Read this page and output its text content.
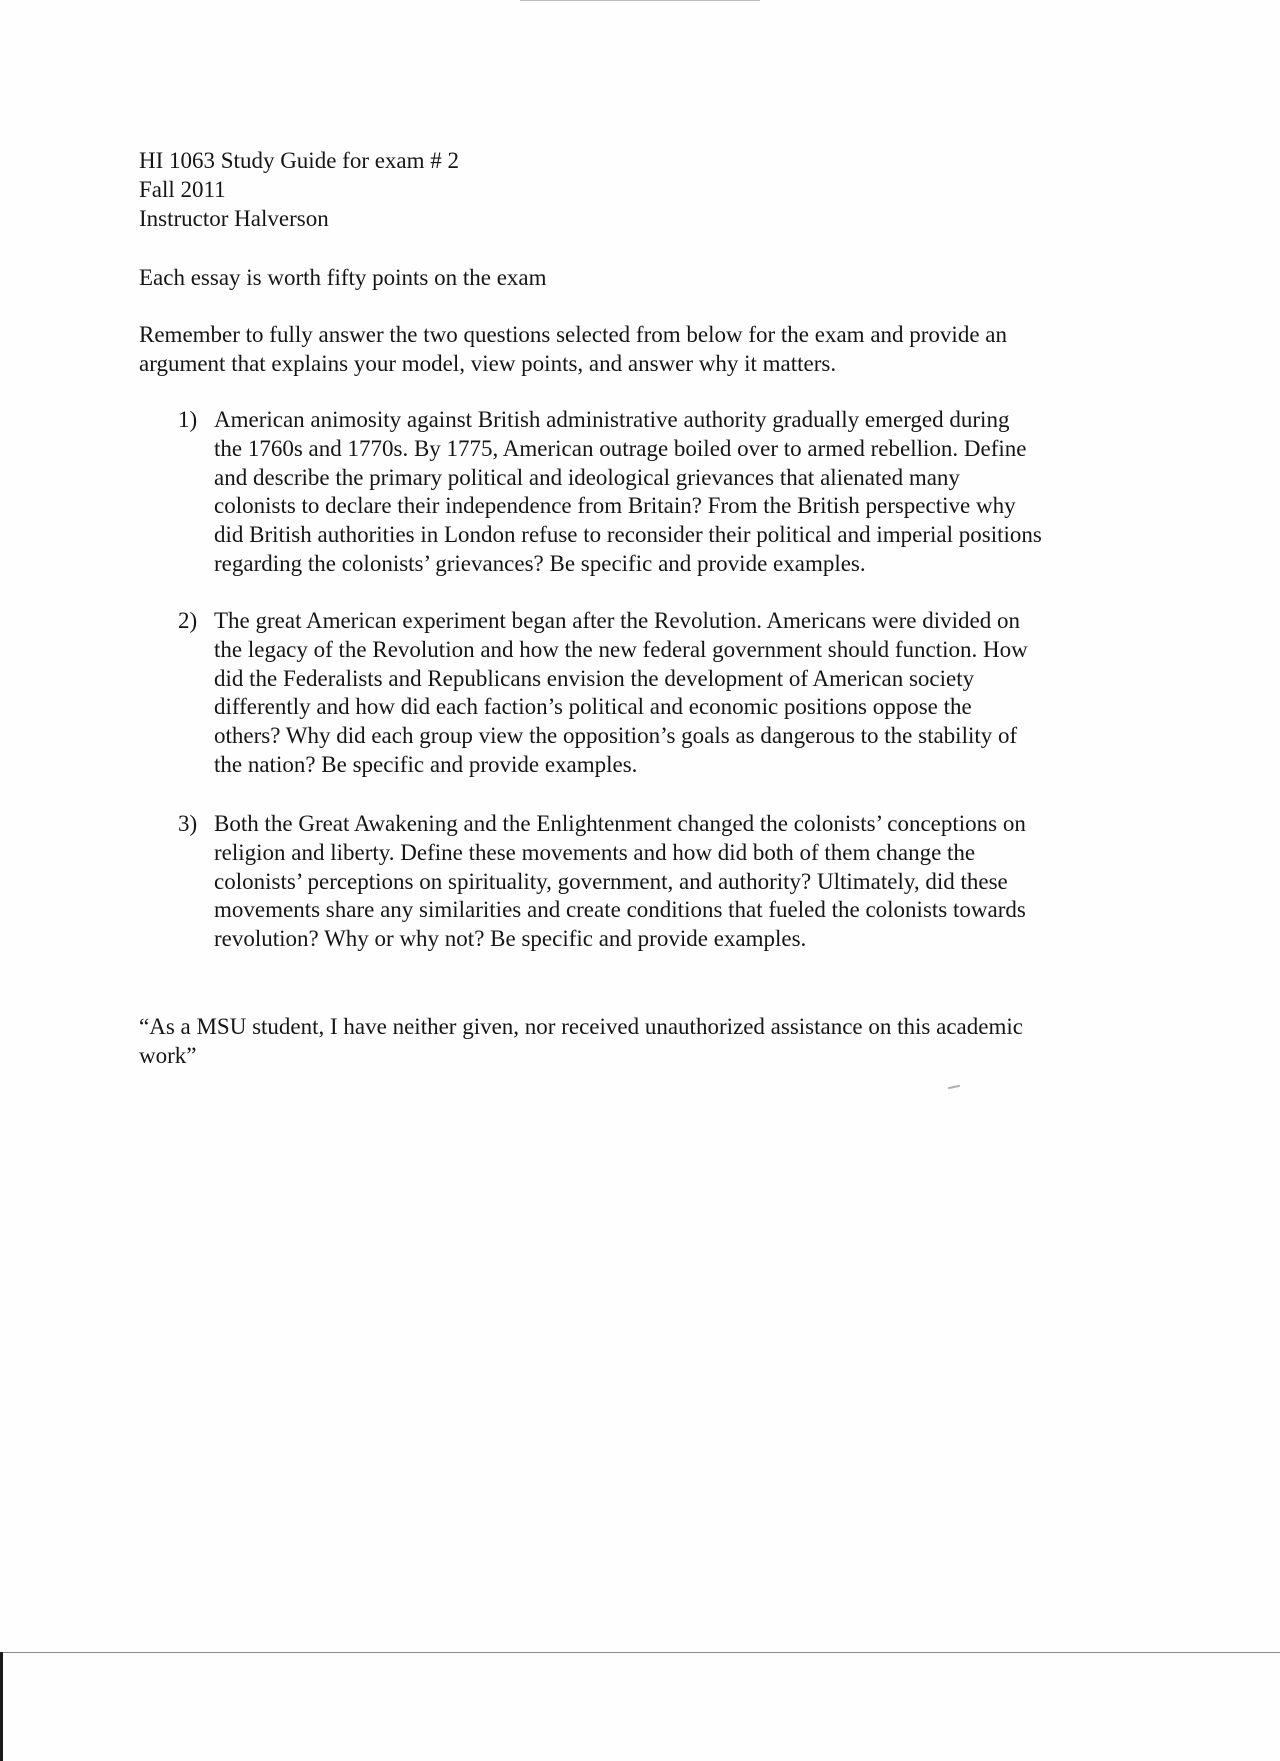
HI 1063 Study Guide for exam # 2
Fall 2011
Instructor Halverson
Each essay is worth fifty points on the exam
Remember to fully answer the two questions selected from below for the exam and provide an
argument that explains your model, view points, and answer why it matters.
1) American animosity against British administrative authority gradually emerged during
the 1760s and 1770s. By 1775, American outrage boiled over to armed rebellion. Define
and describe the primary political and ideological grievances that alienated many
colonists to declare their independence from Britain? From the British perspective why
did British authorities in London refuse to reconsider their political and imperial positions
regarding the colonists’ grievances? Be specific and provide examples.
2) The great American experiment began after the Revolution. Americans were divided on
the legacy of the Revolution and how the new federal government should function. How
did the Federalists and Republicans envision the development of American society
differently and how did each faction’s political and economic positions oppose the
others? Why did each group view the opposition’s goals as dangerous to the stability of
the nation? Be specific and provide examples.
3) Both the Great Awakening and the Enlightenment changed the colonists’ conceptions on
religion and liberty. Define these movements and how did both of them change the
colonists’ perceptions on spirituality, government, and authority? Ultimately, did these
movements share any similarities and create conditions that fueled the colonists towards
revolution? Why or why not? Be specific and provide examples.
“As a MSU student, I have neither given, nor received unauthorized assistance on this academic
work”
